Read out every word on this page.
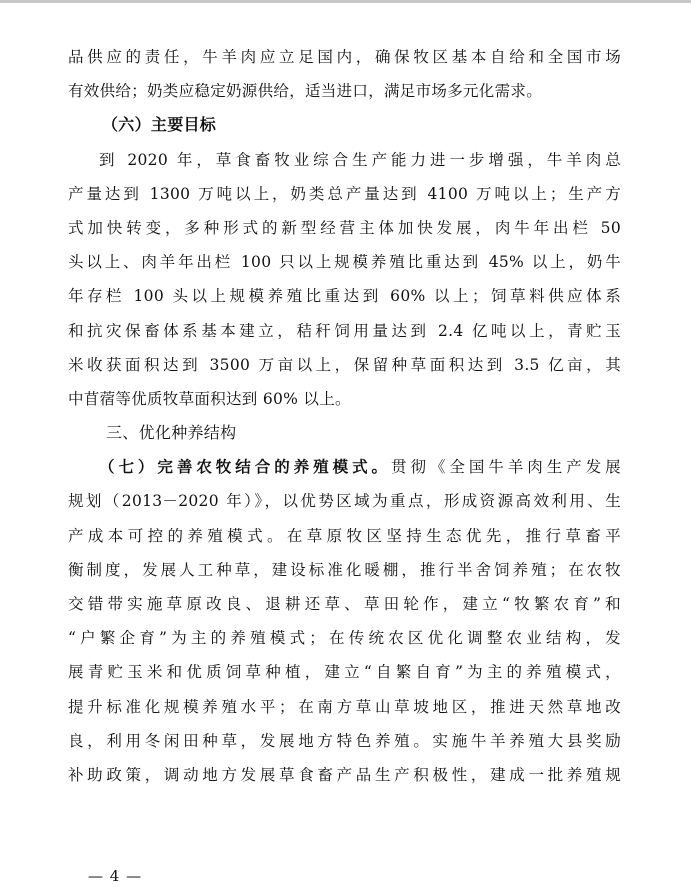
品供应的责任，牛羊肉应立足国内，确保牧区基本自给和全国市场
有效供给；奶类应稳定奶源供给，适当进口，满足市场多元化需求。
（六）主要目标
到 2020 年，草食畜牧业综合生产能力进一步增强，牛羊肉总
产量达到 1300 万吨以上，奶类总产量达到 4100 万吨以上；生产方
式加快转变，多种形式的新型经营主体加快发展，肉牛年出栏 50
头以上、肉羊年出栏 100 只以上规模养殖比重达到 45% 以上，奶牛
年存栏 100 头以上规模养殖比重达到 60% 以上；饲草料供应体系
和抗灾保畜体系基本建立，秸秆饲用量达到 2.4 亿吨以上，青贮玉
米收获面积达到 3500 万亩以上，保留种草面积达到 3.5 亿亩，其
中苜蓿等优质牧草面积达到 60% 以上。
三、优化种养结构
（七）完善农牧结合的养殖模式。贯彻《全国牛羊肉生产发展
规划（2013－2020 年）》，以优势区域为重点，形成资源高效利用、生
产成本可控的养殖模式。在草原牧区坚持生态优先，推行草畜平
衡制度，发展人工种草，建设标准化暖棚，推行半舍饲养殖；在农牧
交错带实施草原改良、退耕还草、草田轮作，建立“牧繁农育”和
“户繁企育”为主的养殖模式；在传统农区优化调整农业结构，发
展青贮玉米和优质饲草种植，建立“自繁自育”为主的养殖模式，
提升标准化规模养殖水平；在南方草山草坡地区，推进天然草地改
良，利用冬闲田种草，发展地方特色养殖。实施牛羊养殖大县奖励
补助政策，调动地方发展草食畜产品生产积极性，建成一批养殖规
— 4 —
